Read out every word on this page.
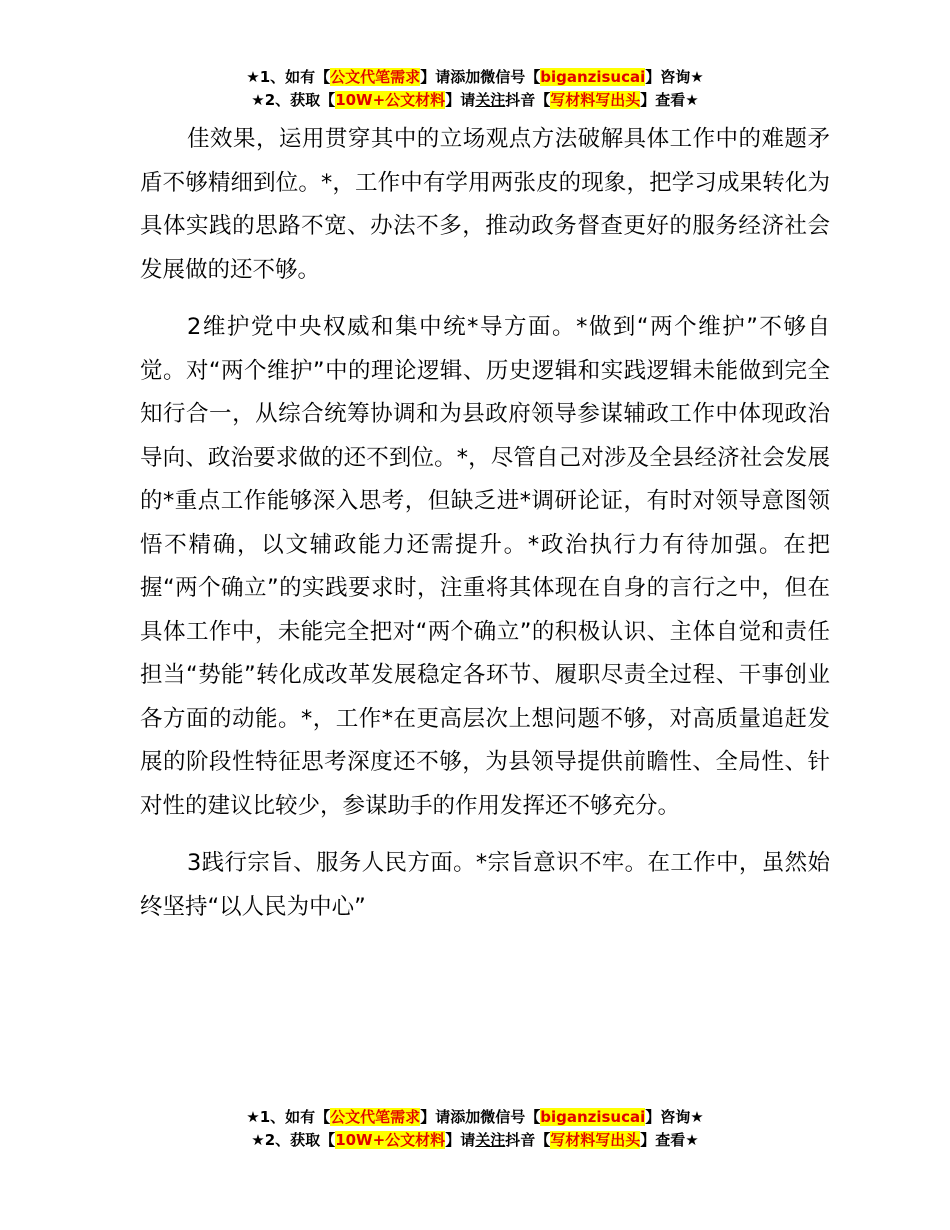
★1、如有【公文代笔需求】请添加微信号【biganzisucai】咨询★
★2、获取【10W+公文材料】请关注抖音【写材料写出头】查看★

佳效果，运用贯穿其中的立场观点方法破解具体工作中的难题矛盾不够精细到位。*，工作中有学用两张皮的现象，把学习成果转化为具体实践的思路不宽、办法不多，推动政务督查更好的服务经济社会发展做的还不够。

2维护党中央权威和集中统*导方面。*做到“两个维护”不够自觉。对“两个维护”中的理论逻辑、历史逻辑和实践逻辑未能做到完全知行合一，从综合统筹协调和为县政府领导参谋辅政工作中体现政治导向、政治要求做的还不到位。*，尽管自己对涉及全县经济社会发展的*重点工作能够深入思考，但缺乏进*调研论证，有时对领导意图领悟不精确，以文辅政能力还需提升。*政治执行力有待加强。在把握“两个确立”的实践要求时，注重将其体现在自身的言行之中，但在具体工作中，未能完全把对“两个确立”的积极认识、主体自觉和责任担当“势能”转化成改革发展稳定各环节、履职尽责全过程、干事创业各方面的动能。*，工作*在更高层次上想问题不够，对高质量追赶发展的阶段性特征思考深度还不够，为县领导提供前瞻性、全局性、针对性的建议比较少，参谋助手的作用发挥还不够充分。

3践行宗旨、服务人民方面。*宗旨意识不牢。在工作中，虽然始终坚持“以人民为中心”

★1、如有【公文代笔需求】请添加微信号【biganzisucai】咨询★
★2、获取【10W+公文材料】请关注抖音【写材料写出头】查看★
